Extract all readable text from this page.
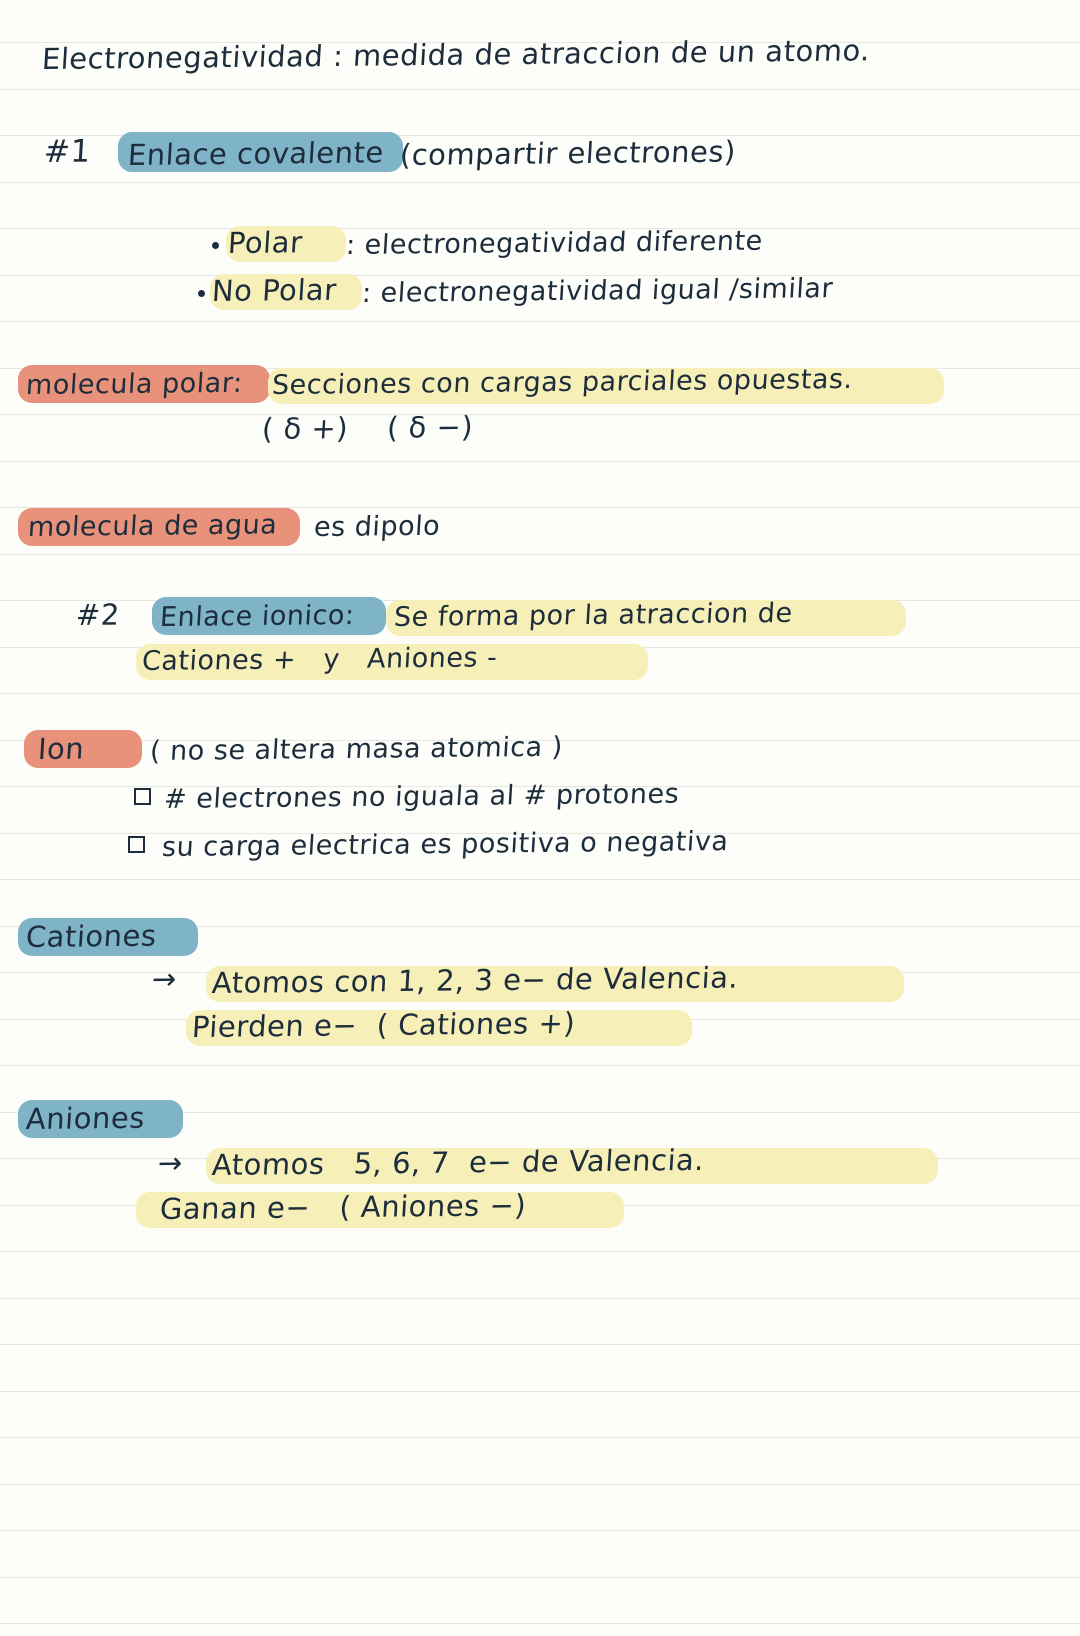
Electronegatividad : medida de atraccion de un atomo.
#1 Enlace covalente (compartir electrones)
Polar : electronegatividad diferente
No Polar : electronegatividad igual /similar
molecula polar: Secciones con cargas parciales opuestas.
( δ +)    ( δ −)
molecula de agua es dipolo
#2 Enlace ionico: Se forma por la atraccion de
Cationes +   y   Aniones -
Ion ( no se altera masa atomica )
# electrones no iguala al # protones
su carga electrica es positiva o negativa
Cationes
→ Atomos con 1, 2, 3 e− de Valencia.
Pierden e−  ( Cationes +)
Aniones
→ Atomos   5, 6, 7  e− de Valencia.
Ganan e−   ( Aniones −)
